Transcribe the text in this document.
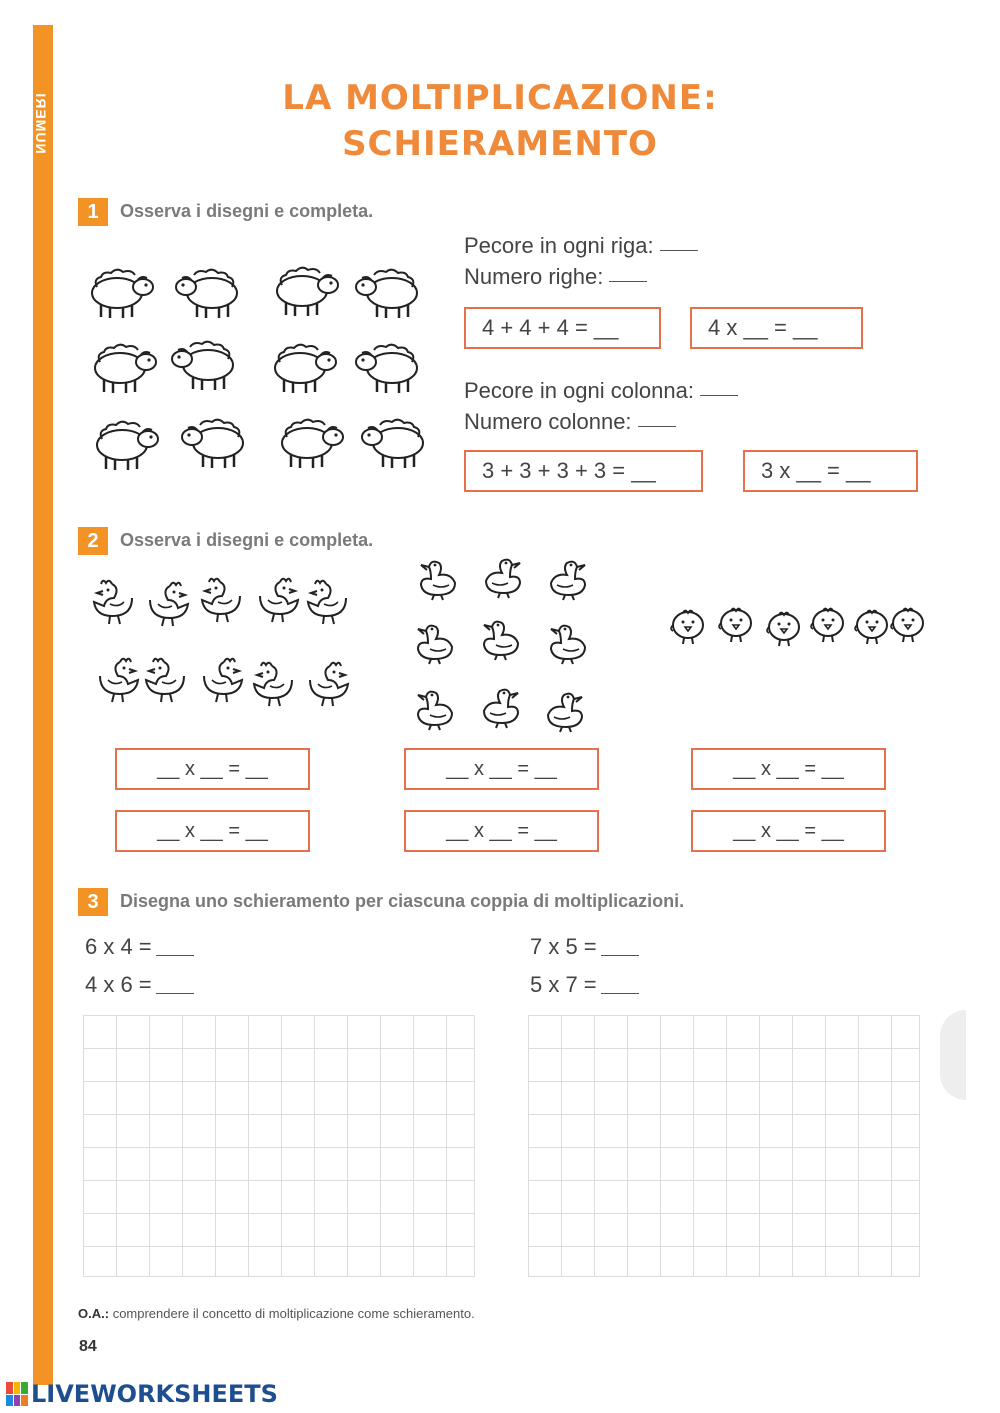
NUMERI	LA MOLTIPLICAZIONE:
SCHIERAMENTO
1	Osserva i disegni e completa.
Pecore in ogni riga:
Numero righe:
4 + 4 + 4 = __	4 x __ = __
Pecore in ogni colonna:
Numero colonne:
3 + 3 + 3 + 3 = __	3 x __ = __
2	Osserva i disegni e completa.
__ x __ = __	__ x __ = __	__ x __ = __
__ x __ = __	__ x __ = __	__ x __ = __
3	Disegna uno schieramento per ciascuna coppia di moltiplicazioni.
6 x 4 =
4 x 6 =
7 x 5 =
5 x 7 =
O.A.: comprendere il concetto di moltiplicazione come schieramento.
84
LIVEWORKSHEETS
